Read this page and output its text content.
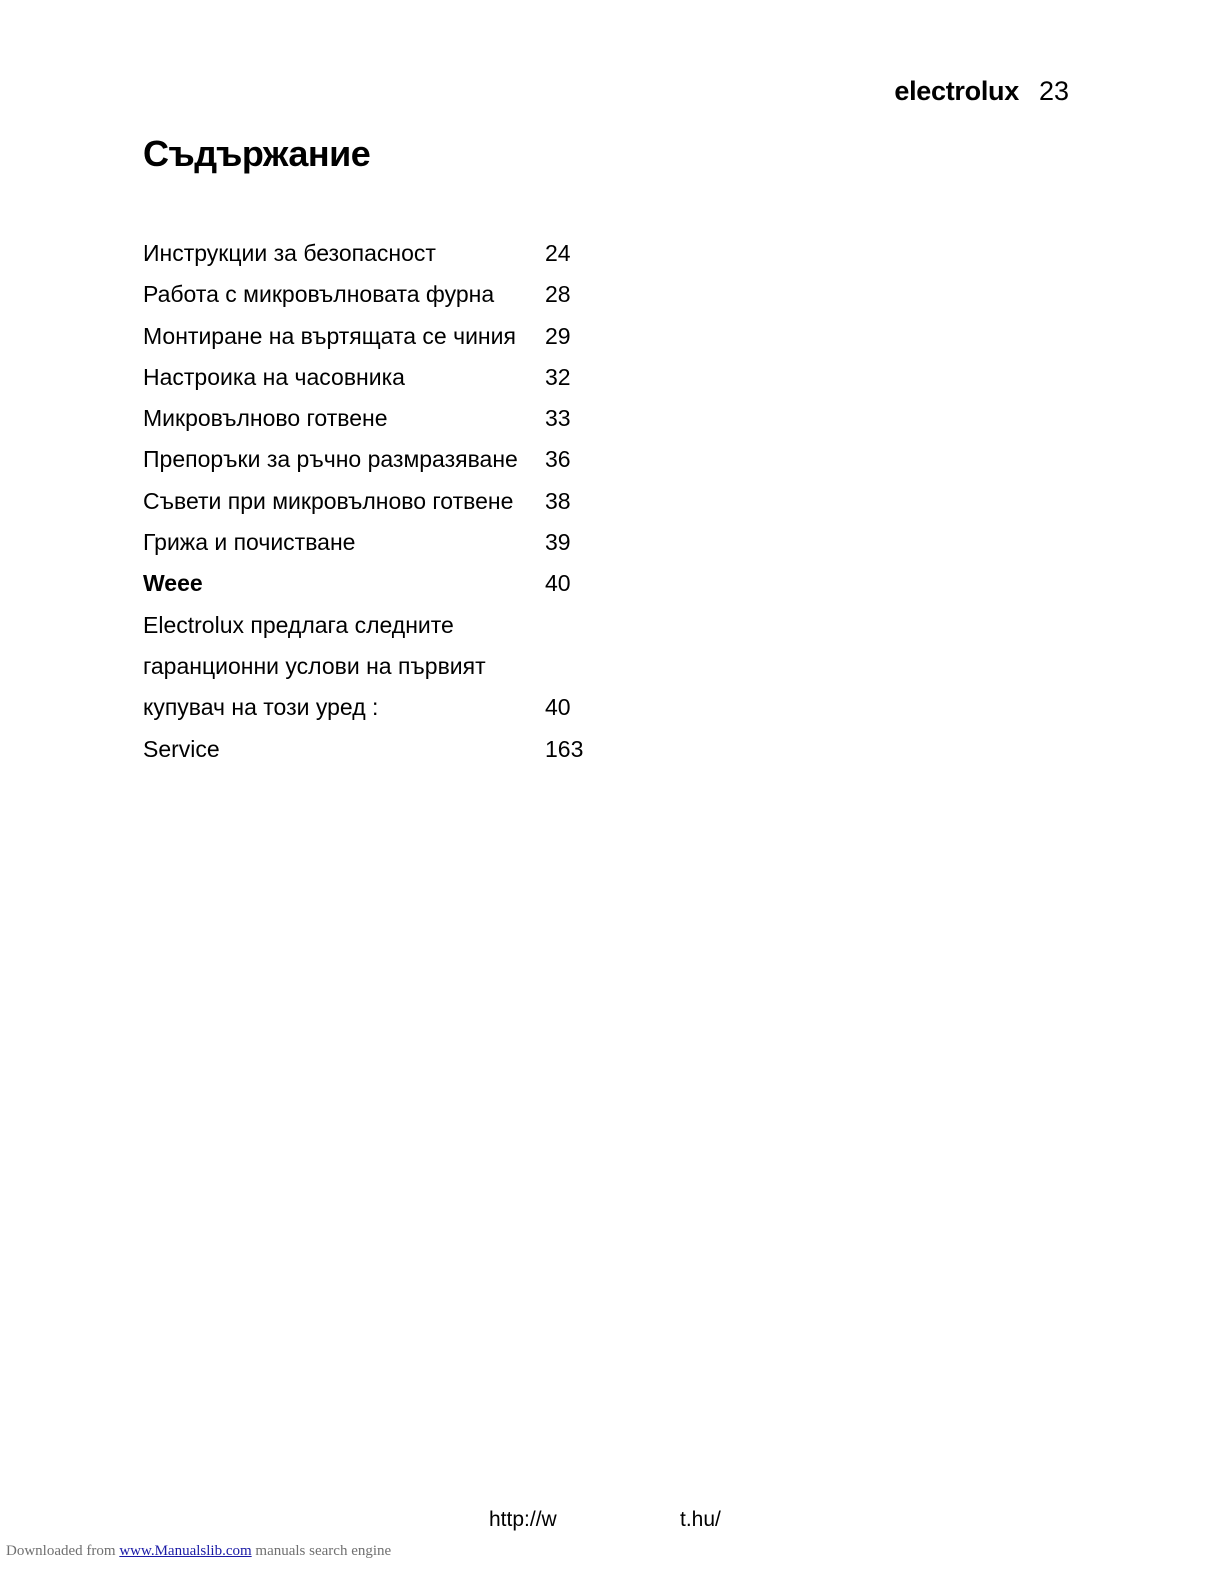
electrolux 23
Съдържание
Инструкции за безопасност	24
Работа с микровълновата фурна 28
Монтиране на въртящата се чиния 29
Настроика на часовника	32
Микровълново готвене	33
Препоръки за ръчно размразяване 36
Съвети при микровълново готвене 38
Грижа и почистване	39
Weee	40
Electrolux предлага следните
гаранционни услови на първият
купувач на този уред :	40
Service	163
http://w	t.hu/
Downloaded from www.Manualslib.com manuals search engine
